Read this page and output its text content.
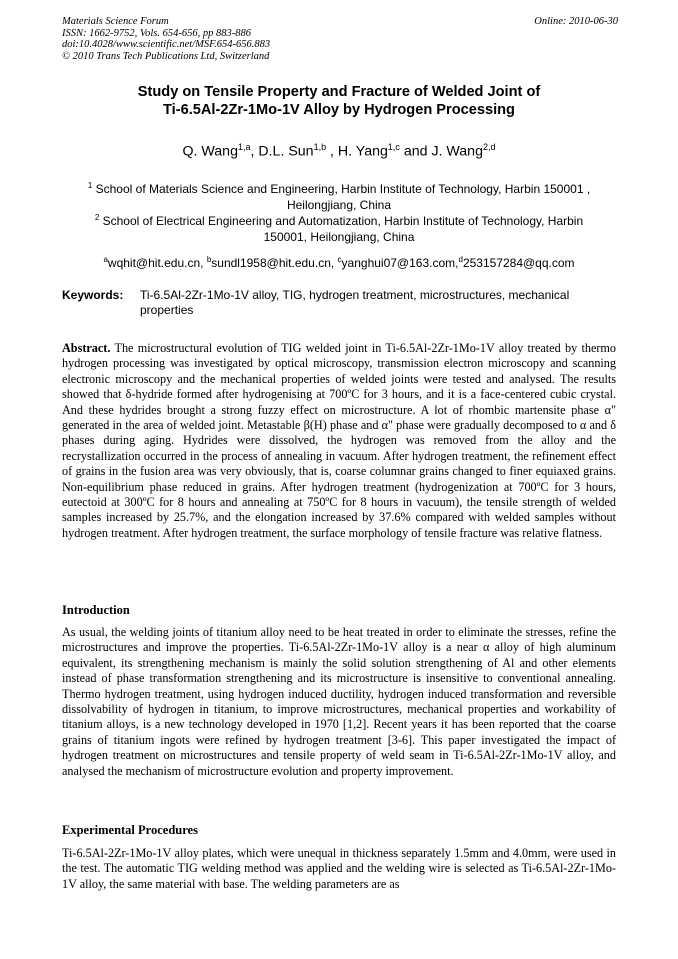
Materials Science Forum
ISSN: 1662-9752, Vols. 654-656, pp 883-886
doi:10.4028/www.scientific.net/MSF.654-656.883
© 2010 Trans Tech Publications Ltd, Switzerland
Online: 2010-06-30
Study on Tensile Property and Fracture of Welded Joint of
Ti-6.5Al-2Zr-1Mo-1V Alloy by Hydrogen Processing
Q. Wang$^{1,a}$, D.L. Sun$^{1,b}$ , H. Yang$^{1,c}$ and J. Wang$^{2,d}$
$^1$ School of Materials Science and Engineering, Harbin Institute of Technology, Harbin 150001 ,
Heilongjiang, China
$^2$ School of Electrical Engineering and Automatization, Harbin Institute of Technology, Harbin
150001, Heilongjiang, China
$^a$wqhit@hit.edu.cn, $^b$sundl1958@hit.edu.cn, $^c$yanghui07@163.com,$^d$253157284@qq.com
Keywords: Ti-6.5Al-2Zr-1Mo-1V alloy, TIG, hydrogen treatment, microstructures, mechanical properties
Abstract. The microstructural evolution of TIG welded joint in Ti-6.5Al-2Zr-1Mo-1V alloy treated by thermo hydrogen processing was investigated by optical microscopy, transmission electron microscopy and scanning electronic microscopy and the mechanical properties of welded joints were tested and analysed. The results showed that δ-hydride formed after hydrogenising at 700ºC for 3 hours, and it is a face-centered cubic crystal. And these hydrides brought a strong fuzzy effect on microstructure. A lot of rhombic martensite phase α" generated in the area of welded joint. Metastable β(H) phase and α" phase were gradually decomposed to α and δ phases during aging. Hydrides were dissolved, the hydrogen was removed from the alloy and the recrystallization occurred in the process of annealing in vacuum. After hydrogen treatment, the refinement effect of grains in the fusion area was very obviously, that is, coarse columnar grains changed to finer equiaxed grains. Non-equilibrium phase reduced in grains. After hydrogen treatment (hydrogenization at 700ºC for 3 hours, eutectoid at 300ºC for 8 hours and annealing at 750ºC for 8 hours in vacuum), the tensile strength of welded samples increased by 25.7%, and the elongation increased by 37.6% compared with welded samples without hydrogen treatment. After hydrogen treatment, the surface morphology of tensile fracture was relative flatness.
Introduction
As usual, the welding joints of titanium alloy need to be heat treated in order to eliminate the stresses, refine the microstructures and improve the properties. Ti-6.5Al-2Zr-1Mo-1V alloy is a near α alloy of high aluminum equivalent, its strengthening mechanism is mainly the solid solution strengthening of Al and other elements instead of phase transformation strengthening and its microstructure is insensitive to conventional annealing. Thermo hydrogen treatment, using hydrogen induced ductility, hydrogen induced transformation and reversible dissolvability of hydrogen in titanium, to improve microstructures, mechanical properties and workability of titanium alloys, is a new technology developed in 1970 [1,2]. Recent years it has been reported that the coarse grains of titanium ingots were refined by hydrogen treatment [3-6]. This paper investigated the impact of hydrogen treatment on microstructures and tensile property of weld seam in Ti-6.5Al-2Zr-1Mo-1V alloy, and analysed the mechanism of microstructure evolution and property improvement.
Experimental Procedures
Ti-6.5Al-2Zr-1Mo-1V alloy plates, which were unequal in thickness separately 1.5mm and 4.0mm, were used in the test. The automatic TIG welding method was applied and the welding wire is selected as Ti-6.5Al-2Zr-1Mo-1V alloy, the same material with base. The welding parameters are as
